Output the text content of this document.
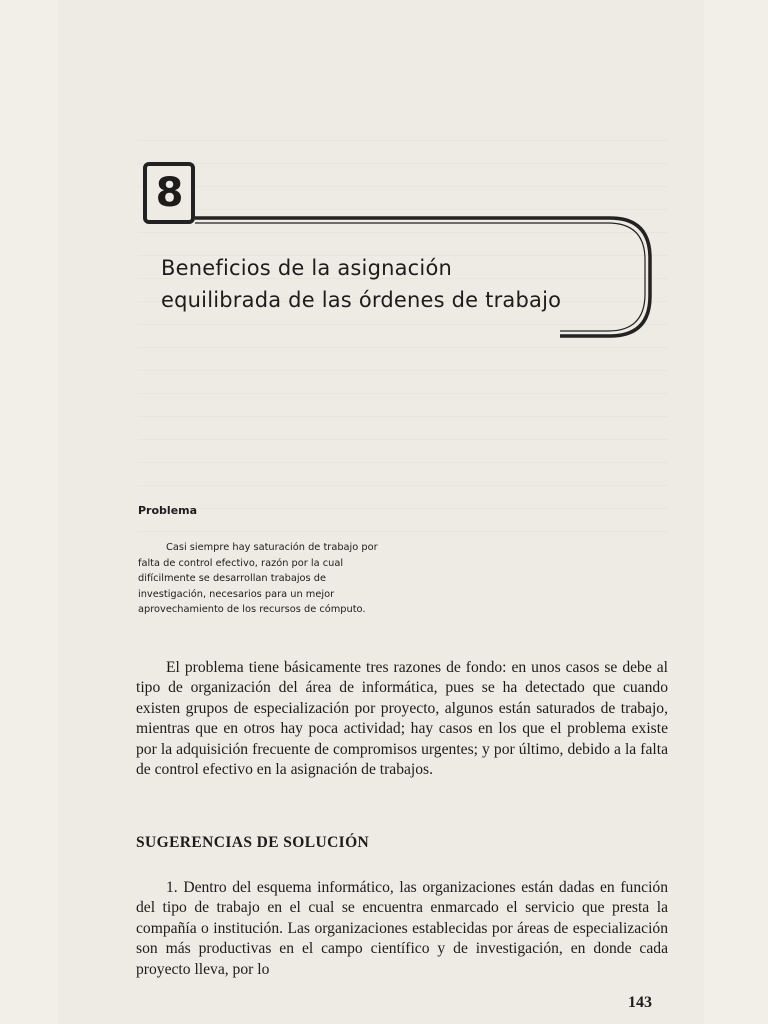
8
Beneficios de la asignación
equilibrada de las órdenes de trabajo
Problema

Casi siempre hay saturación de trabajo por falta de control efectivo, razón por la cual difícilmente se desarrollan trabajos de investigación, necesarios para un mejor aprovechamiento de los recursos de cómputo.

El problema tiene básicamente tres razones de fondo: en unos casos se debe al tipo de organización del área de informática, pues se ha detectado que cuando existen grupos de especialización por proyecto, algunos están saturados de trabajo, mientras que en otros hay poca actividad; hay casos en los que el problema existe por la adquisición frecuente de compromisos urgentes; y por último, debido a la falta de control efectivo en la asignación de trabajos.

SUGERENCIAS DE SOLUCIÓN

1. Dentro del esquema informático, las organizaciones están dadas en función del tipo de trabajo en el cual se encuentra enmarcado el servicio que presta la compañía o institución. Las organizaciones establecidas por áreas de especialización son más productivas en el campo científico y de investigación, en donde cada proyecto lleva, por lo

143
